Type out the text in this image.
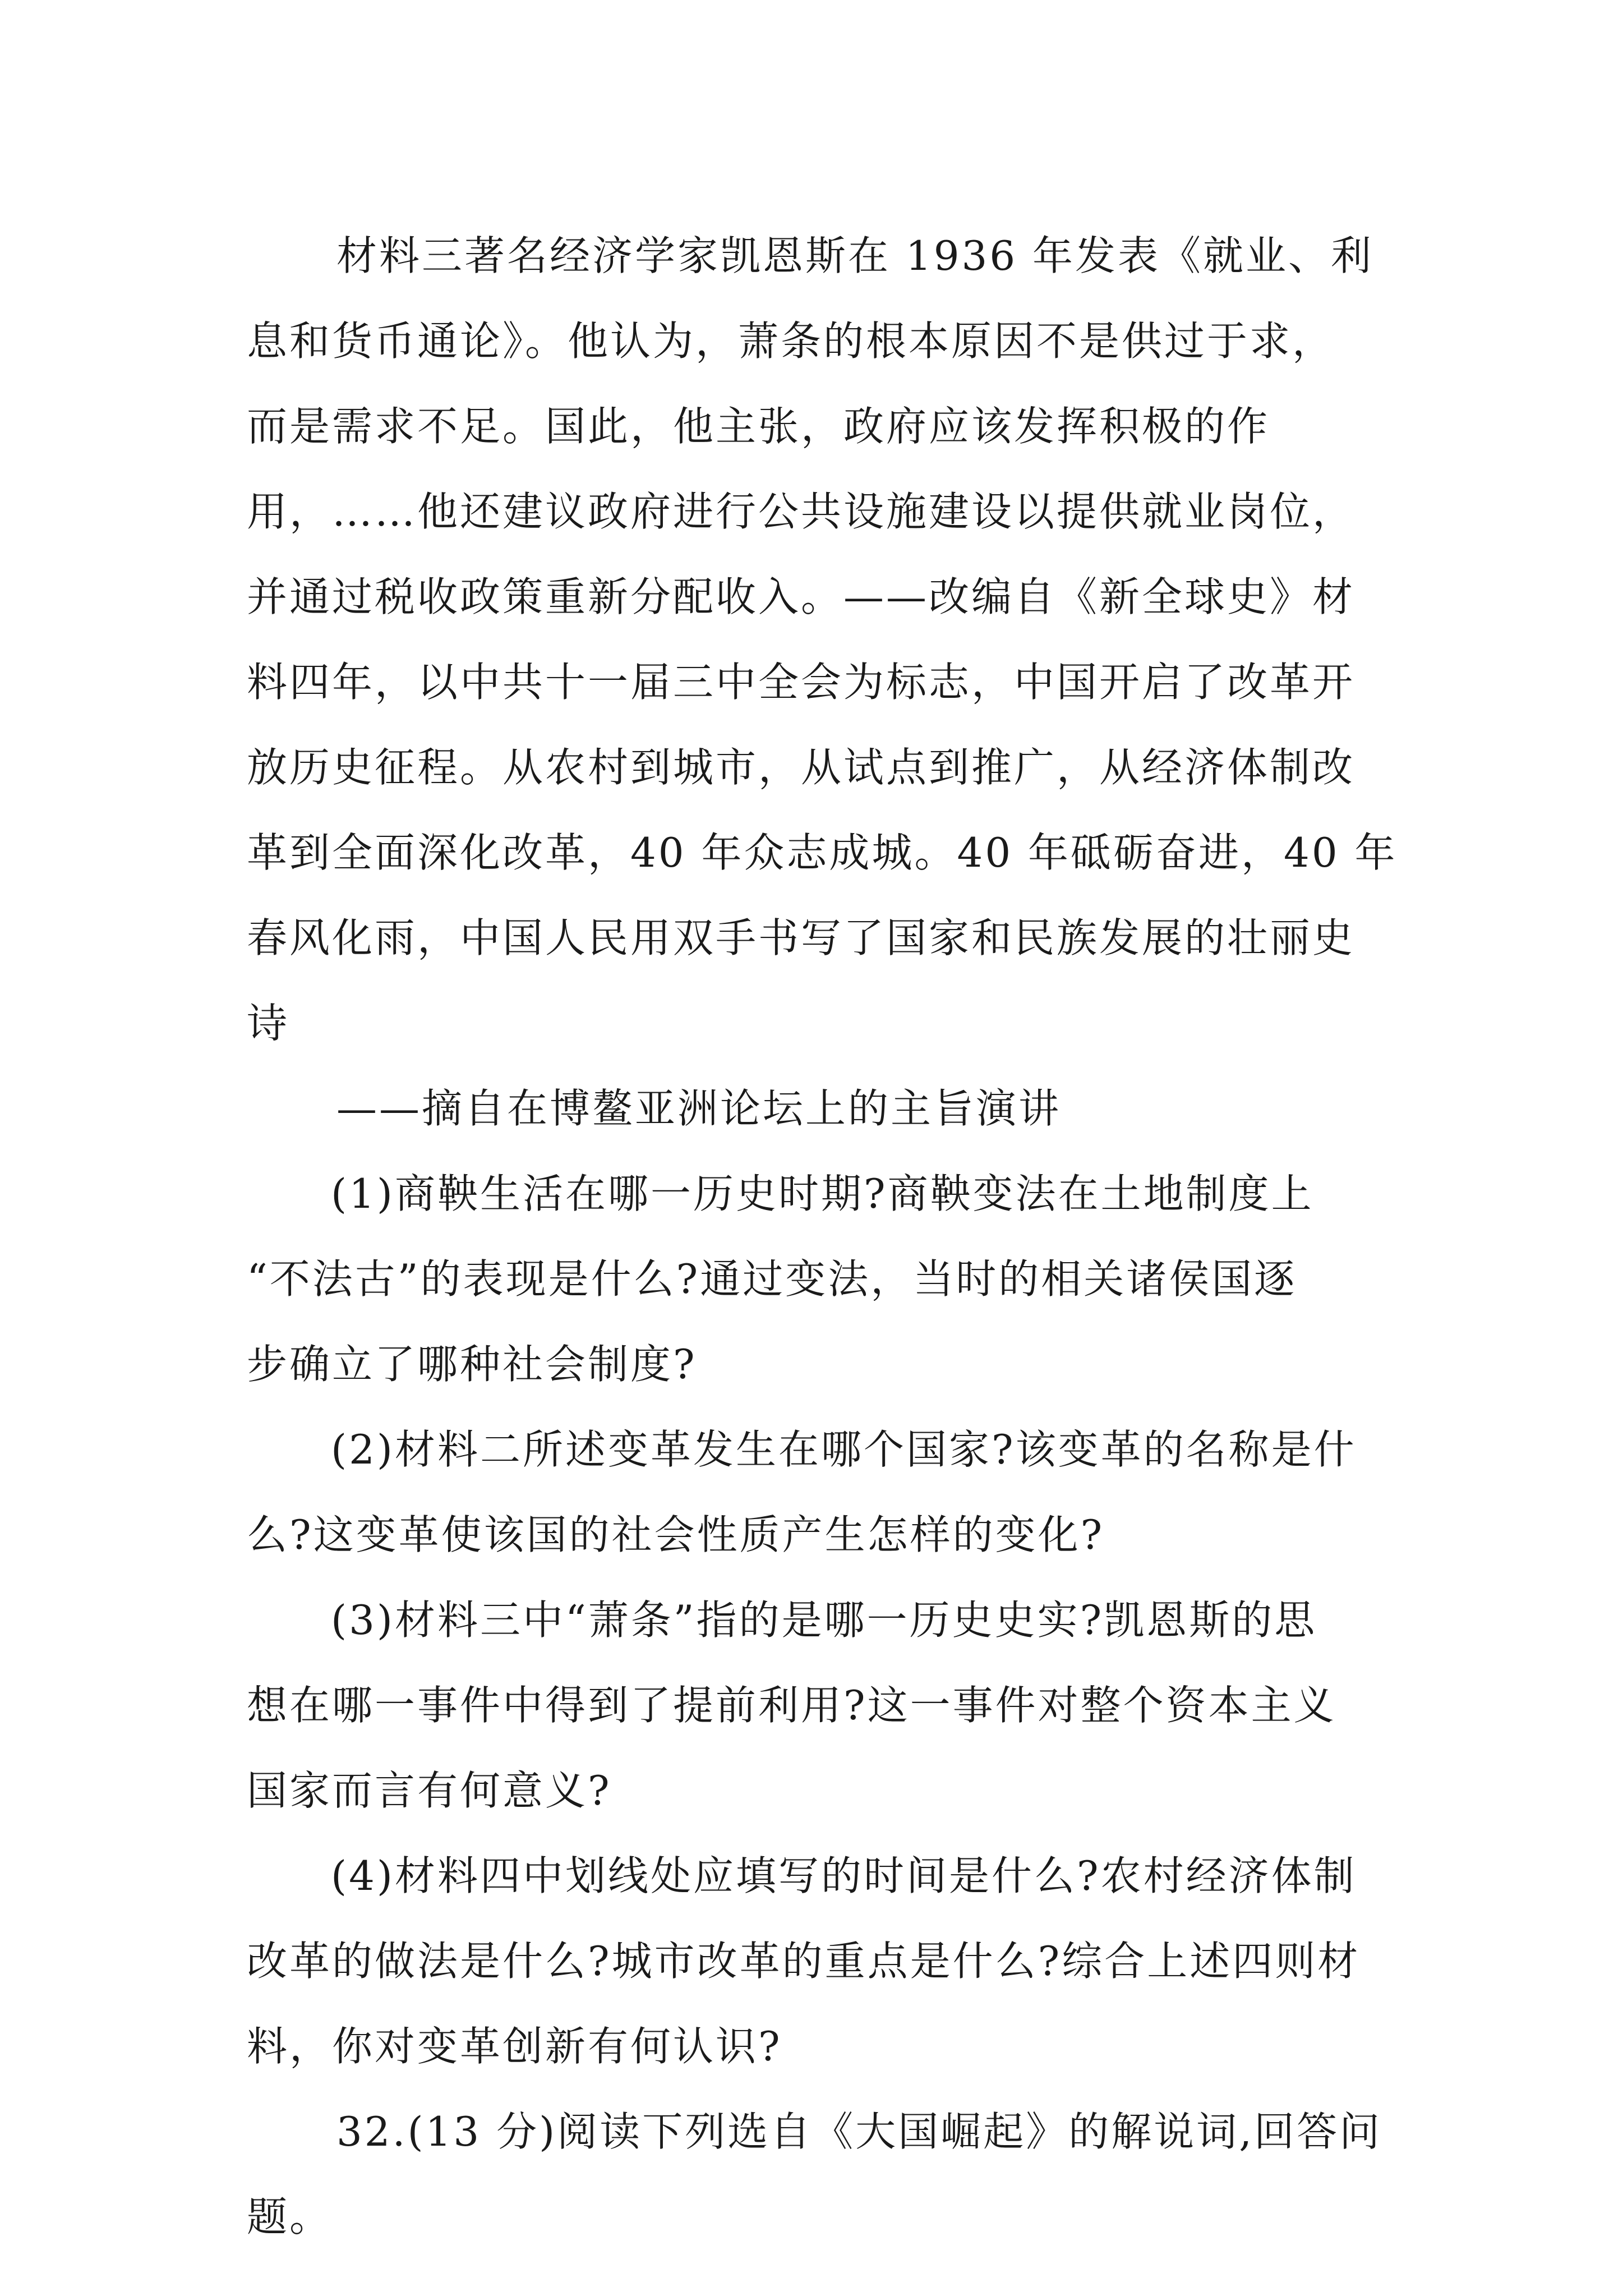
材料三著名经济学家凯恩斯在 1936 年发表《就业、利
息和货币通论》。他认为，萧条的根本原因不是供过于求，
而是需求不足。国此，他主张，政府应该发挥积极的作
用，……他还建议政府进行公共设施建设以提供就业岗位，
并通过税收政策重新分配收入。——改编自《新全球史》材
料四年，以中共十一届三中全会为标志，中国开启了改革开
放历史征程。从农村到城市，从试点到推广，从经济体制改
革到全面深化改革，40 年众志成城。40 年砥砺奋进，40 年
春风化雨，中国人民用双手书写了国家和民族发展的壮丽史
诗
——摘自在博鳌亚洲论坛上的主旨演讲
(1)商鞅生活在哪一历史时期?商鞅变法在土地制度上
“不法古”的表现是什么?通过变法，当时的相关诸侯国逐
步确立了哪种社会制度?
(2)材料二所述变革发生在哪个国家?该变革的名称是什
么?这变革使该国的社会性质产生怎样的变化?
(3)材料三中“萧条”指的是哪一历史史实?凯恩斯的思
想在哪一事件中得到了提前利用?这一事件对整个资本主义
国家而言有何意义?
(4)材料四中划线处应填写的时间是什么?农村经济体制
改革的做法是什么?城市改革的重点是什么?综合上述四则材
料，你对变革创新有何认识?
32.(13 分)阅读下列选自《大国崛起》的解说词,回答问
题。
